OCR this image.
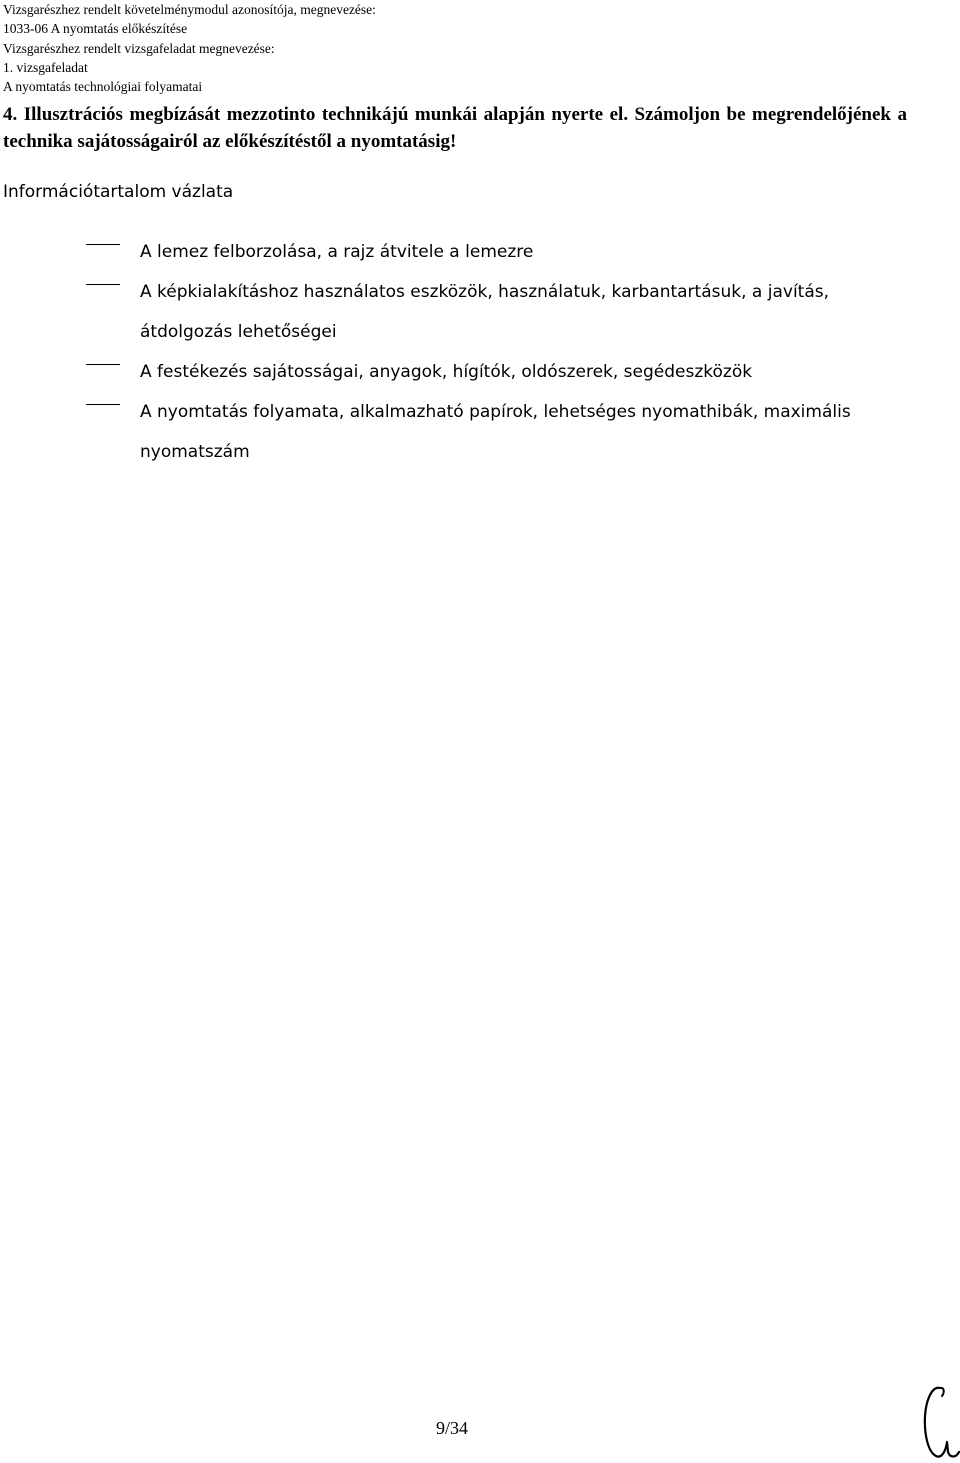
Vizsgarészhez rendelt követelménymodul azonosítója, megnevezése:
1033-06 A nyomtatás előkészítése
Vizsgarészhez rendelt vizsgafeladat megnevezése:
1. vizsgafeladat
A nyomtatás technológiai folyamatai
4. Illusztrációs megbízását mezzotinto technikájú munkái alapján nyerte el. Számoljon be megrendelőjének a technika sajátosságairól az előkészítéstől a nyomtatásig!
Információtartalom vázlata
A lemez felborzolása, a rajz átvitele a lemezre
A képkialakításhoz használatos eszközök, használatuk, karbantartásuk, a javítás, átdolgozás lehetőségei
A festékezés sajátosságai, anyagok, hígítók, oldószerek, segédeszközök
A nyomtatás folyamata, alkalmazható papírok, lehetséges nyomathibák, maximális nyomatszám
9/34
